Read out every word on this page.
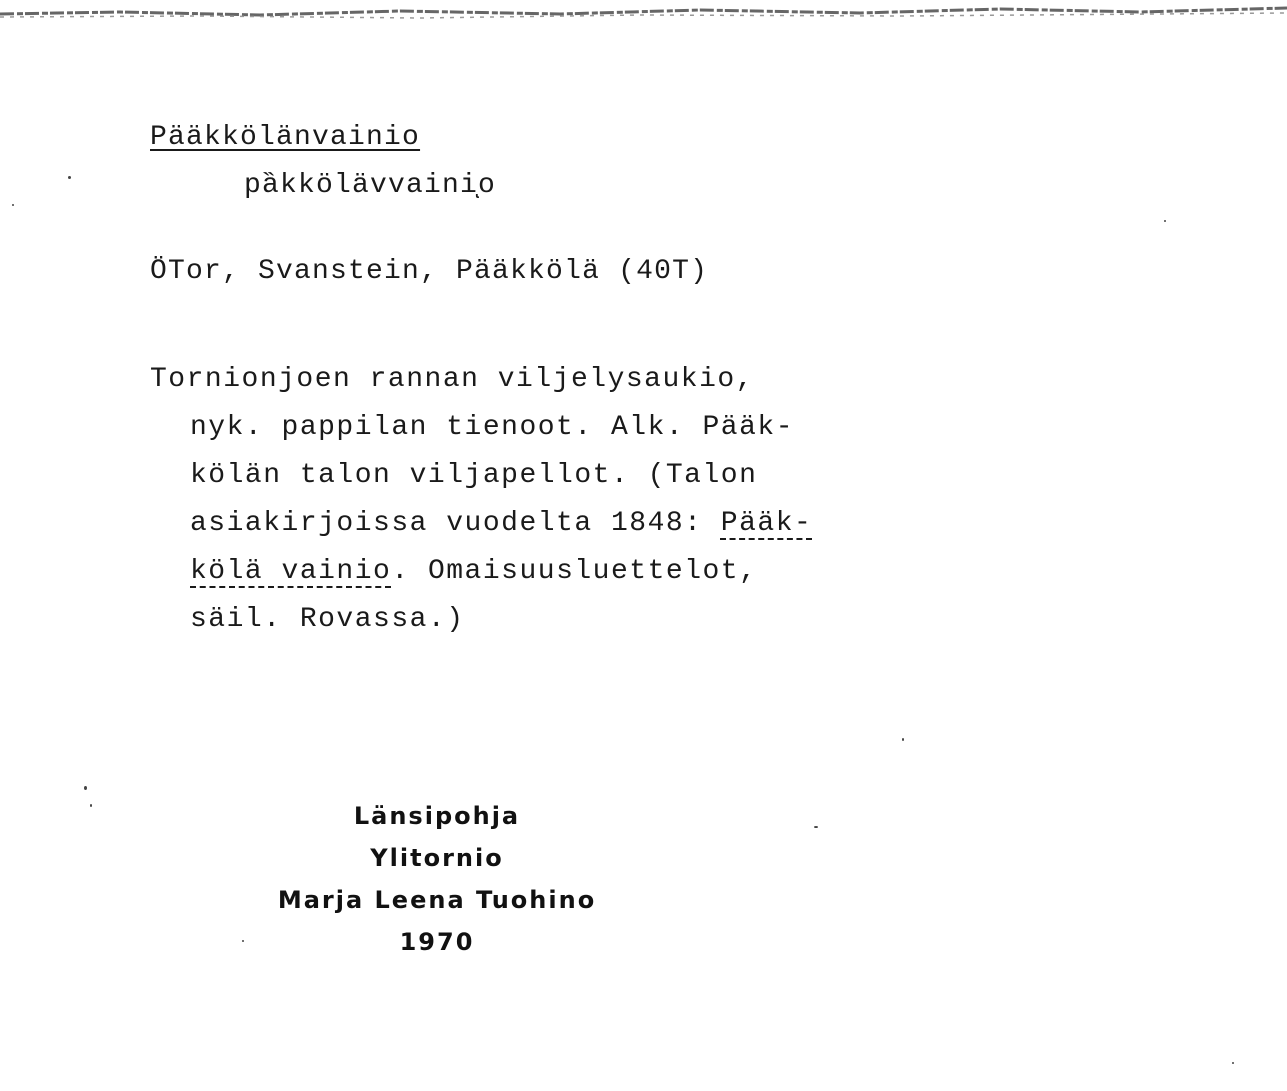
Pääkkölänvainio
pȁkkölävvainiͅo
ÖTor, Svanstein, Pääkkölä (40T)
Tornionjoen rannan viljelysaukio,
nyk. pappilan tienoot. Alk. Pääk-
kölän talon viljapellot. (Talon
asiakirjoissa vuodelta 1848: Pääk-
kölä vainio. Omaisuusluettelot,
säil. Rovassa.)
Länsipohja
Ylitornio
Marja Leena Tuohino
1970
